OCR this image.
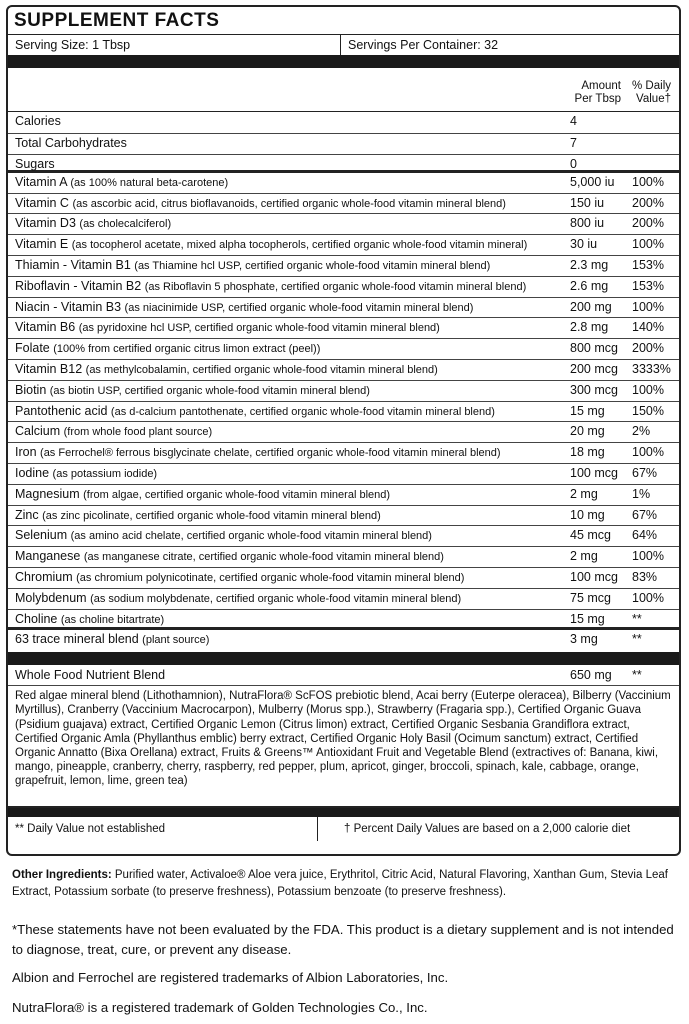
SUPPLEMENT FACTS
Serving Size: 1 Tbsp	Servings Per Container: 32
Amount
Per Tbsp
% Daily
Value†
Calories	4
Total Carbohydrates	7
Sugars	0
Vitamin A (as 100% natural beta-carotene)	5,000 iu 100%
Vitamin C (as ascorbic acid, citrus bioflavanoids, certified organic whole-food vitamin mineral blend)	150 iu 200%
Vitamin D3 (as cholecalciferol)	800 iu 200%
Vitamin E (as tocopherol acetate, mixed alpha tocopherols, certified organic whole-food vitamin mineral)	30 iu	100%
Thiamin - Vitamin B1 (as Thiamine hcl USP, certified organic whole-food vitamin mineral blend)	2.3 mg 153%
Riboflavin - Vitamin B2 (as Riboflavin 5 phosphate, certified organic whole-food vitamin mineral blend)	2.6 mg 153%
Niacin - Vitamin B3 (as niacinimide USP, certified organic whole-food vitamin mineral blend)	200 mg 100%
Vitamin B6 (as pyridoxine hcl USP, certified organic whole-food vitamin mineral blend)	2.8 mg 140%
Folate (100% from certified organic citrus limon extract (peel))	800 mcg 200%
Vitamin B12 (as methylcobalamin, certified organic whole-food vitamin mineral blend)	200 mcg 3333%
Biotin (as biotin USP, certified organic whole-food vitamin mineral blend)	300 mcg 100%
Pantothenic acid (as d-calcium pantothenate, certified organic whole-food vitamin mineral blend)	15 mg 150%
Calcium (from whole food plant source)	20 mg 2%
Iron (as Ferrochel® ferrous bisglycinate chelate, certified organic whole-food vitamin mineral blend)	18 mg 100%
Iodine (as potassium iodide)	100 mcg 67%
Magnesium (from algae, certified organic whole-food vitamin mineral blend)	2 mg	1%
Zinc (as zinc picolinate, certified organic whole-food vitamin mineral blend)	10 mg 67%
Selenium (as amino acid chelate, certified organic whole-food vitamin mineral blend)	45 mcg 64%
Manganese (as manganese citrate, certified organic whole-food vitamin mineral blend)	2 mg	100%
Chromium (as chromium polynicotinate, certified organic whole-food vitamin mineral blend)	100 mcg 83%
Molybdenum (as sodium molybdenate, certified organic whole-food vitamin mineral blend)	75 mcg 100%
Choline (as choline bitartrate)	15 mg **
63 trace mineral blend (plant source)	3 mg	**
Whole Food Nutrient Blend	650 mg **
Red algae mineral blend (Lithothamnion), NutraFlora® ScFOS prebiotic blend, Acai berry (Euterpe oleracea), Bilberry (Vaccinium Myrtillus), Cranberry (Vaccinium Macrocarpon), Mulberry (Morus spp.), Strawberry (Fragaria spp.), Certified Organic Guava (Psidium guajava) extract, Certified Organic Lemon (Citrus limon) extract, Certified Organic Sesbania Grandiflora extract, Certified Organic Amla (Phyllanthus emblic) berry extract, Certified Organic Holy Basil (Ocimum sanctum) extract, Certified Organic Annatto (Bixa Orellana) extract, Fruits & Greens™ Antioxidant Fruit and Vegetable Blend (extractives of: Banana, kiwi, mango, pineapple, cranberry, cherry, raspberry, red pepper, plum, apricot, ginger, broccoli, spinach, kale, cabbage, orange, grapefruit, lemon, lime, green tea)
** Daily Value not established	† Percent Daily Values are based on a 2,000 calorie diet
Other Ingredients: Purified water, Activaloe® Aloe vera juice, Erythritol, Citric Acid, Natural Flavoring, Xanthan Gum, Stevia Leaf Extract, Potassium sorbate (to preserve freshness), Potassium benzoate (to preserve freshness).
*These statements have not been evaluated by the FDA. This product is a dietary supplement and is not intended to diagnose, treat, cure, or prevent any disease.
Albion and Ferrochel are registered trademarks of Albion Laboratories, Inc.
NutraFlora® is a registered trademark of Golden Technologies Co., Inc.
